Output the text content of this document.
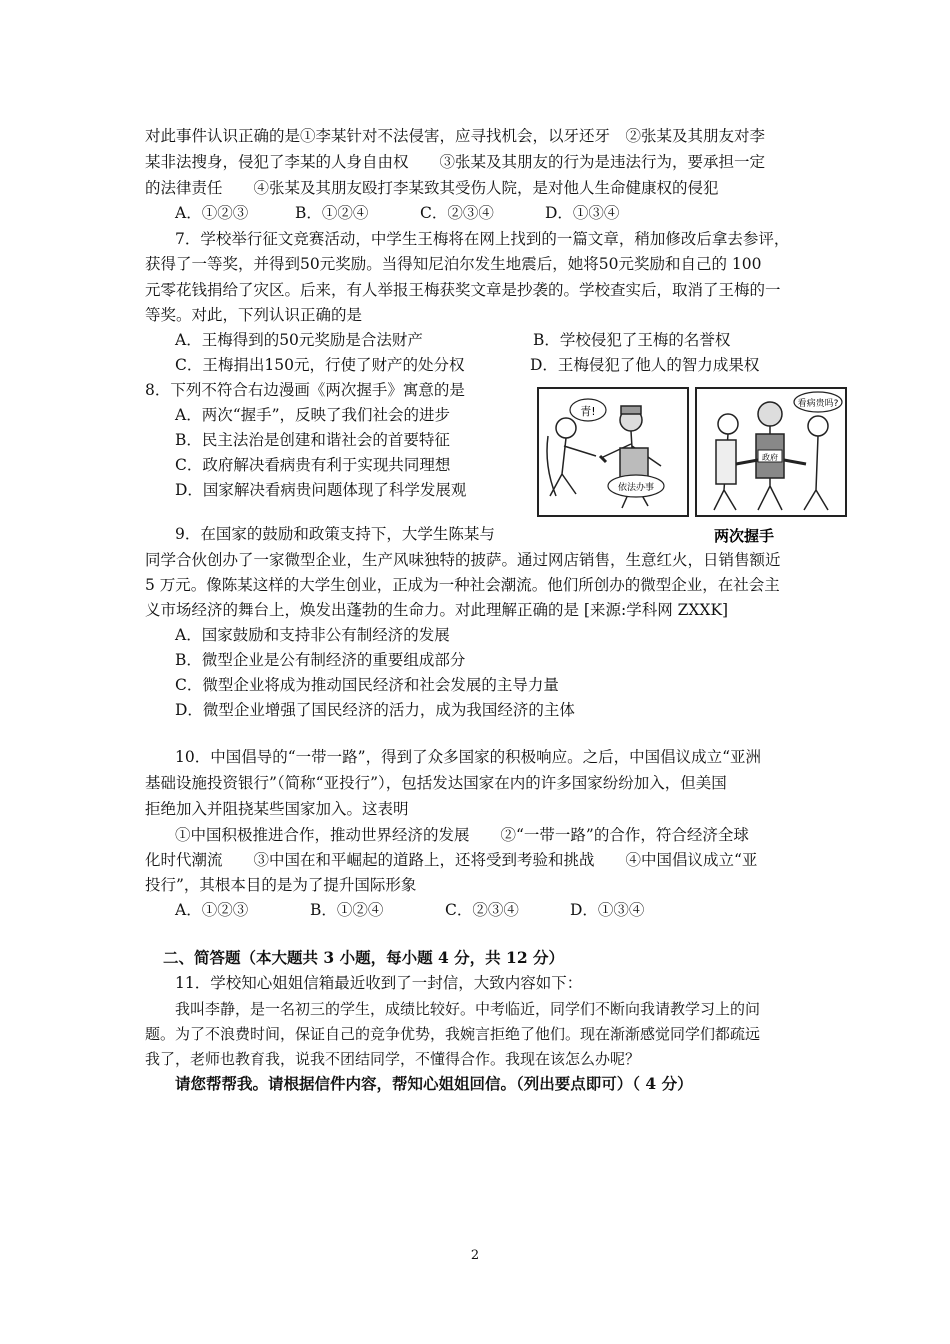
对此事件认识正确的是①李某针对不法侵害，应寻找机会，以牙还牙　②张某及其朋友对李
某非法搜身，侵犯了李某的人身自由权　　③张某及其朋友的行为是违法行为，要承担一定
的法律责任　　④张某及其朋友殴打李某致其受伤人院，是对他人生命健康权的侵犯
A．①②③	B．①②④	C．②③④	D．①③④
7．学校举行征文竞赛活动，中学生王梅将在网上找到的一篇文章，稍加修改后拿去参评，
获得了一等奖，并得到50元奖励。当得知尼泊尔发生地震后，她将50元奖励和自己的 100
元零花钱捐给了灾区。后来，有人举报王梅获奖文章是抄袭的。学校查实后，取消了王梅的一
等奖。对此，下列认识正确的是
A．王梅得到的50元奖励是合法财产	B．学校侵犯了王梅的名誉权
C．王梅捐出150元，行使了财产的处分权	D．王梅侵犯了他人的智力成果权
8．下列不符合右边漫画《两次握手》寓意的是
A．两次“握手”，反映了我们社会的进步
B．民主法治是创建和谐社会的首要特征
C．政府解决看病贵有利于实现共同理想
D．国家解决看病贵问题体现了科学发展观
青!
依法办事
政府
看病贵吗?
两次握手
9．在国家的鼓励和政策支持下，大学生陈某与
同学合伙创办了一家微型企业，生产风味独特的披萨。通过网店销售，生意红火，日销售额近
5 万元。像陈某这样的大学生创业，正成为一种社会潮流。他们所创办的微型企业，在社会主
义市场经济的舞台上，焕发出蓬勃的生命力。对此理解正确的是 [来源:学科网 ZXXK]
A．国家鼓励和支持非公有制经济的发展
B．微型企业是公有制经济的重要组成部分
C．微型企业将成为推动国民经济和社会发展的主导力量
D．微型企业增强了国民经济的活力，成为我国经济的主体
10．中国倡导的“一带一路”，得到了众多国家的积极响应。之后，中国倡议成立“亚洲
基础设施投资银行”（简称“亚投行”），包括发达国家在内的许多国家纷纷加入，但美国
拒绝加入并阻挠某些国家加入。这表明
①中国积极推进合作，推动世界经济的发展　　②“一带一路”的合作，符合经济全球
化时代潮流　　③中国在和平崛起的道路上，还将受到考验和挑战　　④中国倡议成立“亚
投行”，其根本目的是为了提升国际形象
A．①②③	B．①②④	C．②③④	D．①③④
二、简答题（本大题共 3 小题，每小题 4 分，共 12 分）
11．学校知心姐姐信箱最近收到了一封信，大致内容如下：
我叫李静，是一名初三的学生，成绩比较好。中考临近，同学们不断向我请教学习上的问
题。为了不浪费时间，保证自己的竞争优势，我婉言拒绝了他们。现在渐渐感觉同学们都疏远
我了，老师也教育我，说我不团结同学，不懂得合作。我现在该怎么办呢？
请您帮帮我。请根据信件内容，帮知心姐姐回信。（列出要点即可）（ 4 分）
2
